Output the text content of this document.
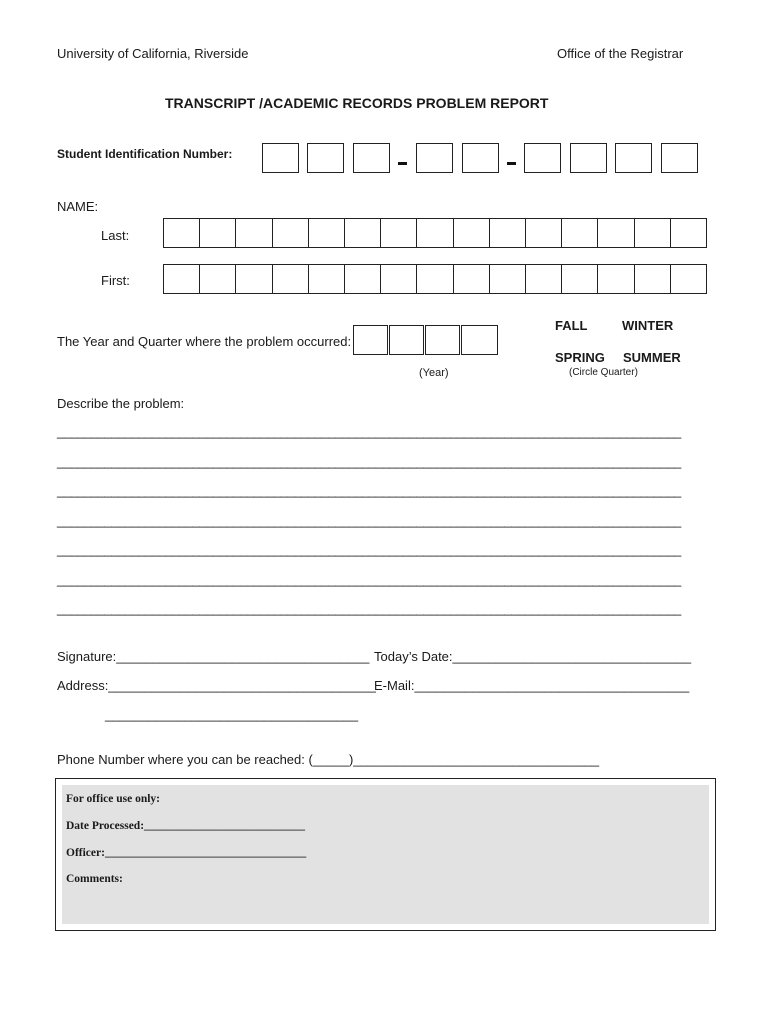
University of California, Riverside	Office of the Registrar
TRANSCRIPT /ACADEMIC RECORDS PROBLEM REPORT
Student Identification Number:
NAME:
Last:
First:
The Year and Quarter where the problem occurred:
(Year)
FALL	WINTER
SPRING SUMMER
(Circle Quarter)
Describe the problem:
____________________________________________________________________________________________
____________________________________________________________________________________________
____________________________________________________________________________________________
____________________________________________________________________________________________
____________________________________________________________________________________________
____________________________________________________________________________________________
____________________________________________________________________________________________
Signature:___________________________________ Today’s Date:_________________________________
Address:_____________________________________
E-Mail:______________________________________
___________________________________
Phone Number where you can be reached: (_____)__________________________________
For office use only:
Date Processed:____________________________
Officer:___________________________________
Comments:
